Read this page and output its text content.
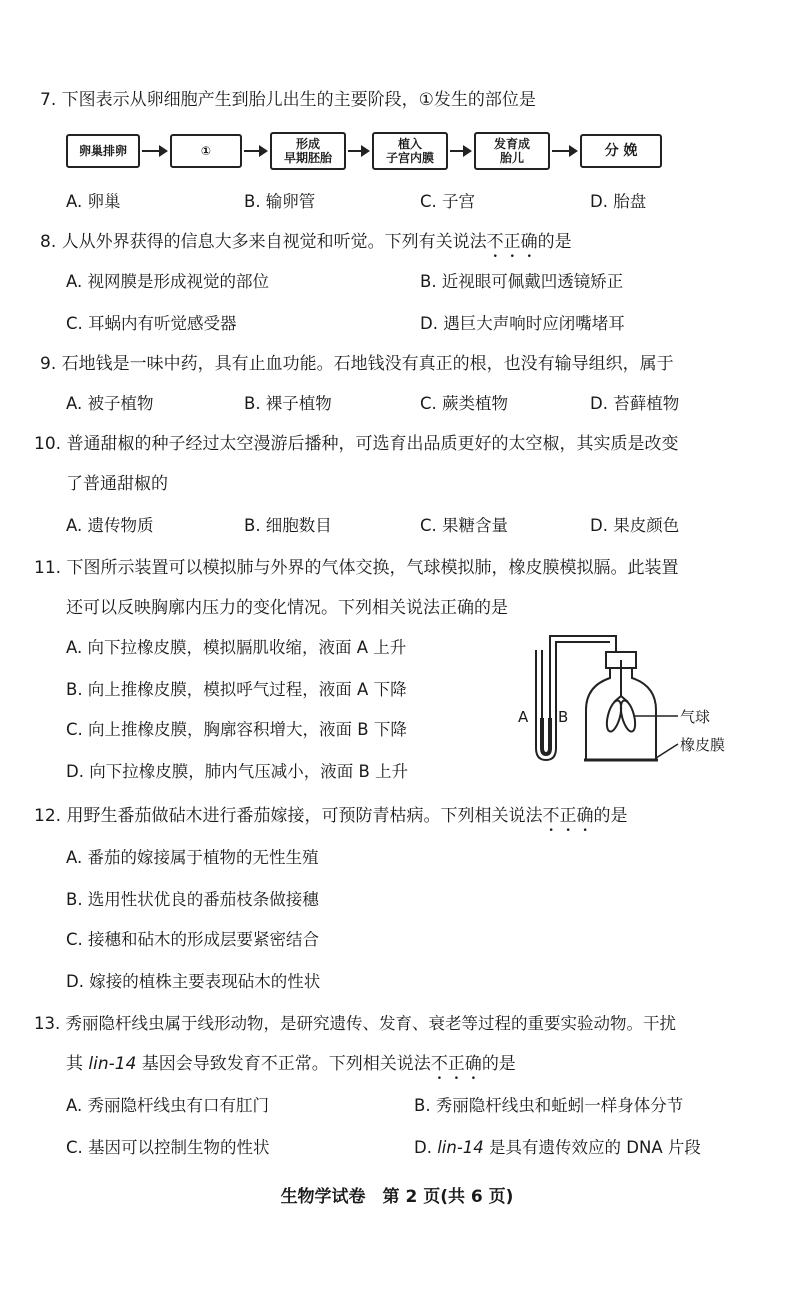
7. 下图表示从卵细胞产生到胎儿出生的主要阶段，①发生的部位是
卵巢排卵	①	形成
早期胚胎
植入
子宫内膜
发育成
胎儿	分 娩
A. 卵巢	B. 输卵管	C. 子宫	D. 胎盘
8. 人从外界获得的信息大多来自视觉和听觉。下列有关说法不正确的是
A. 视网膜是形成视觉的部位	B. 近视眼可佩戴凹透镜矫正
C. 耳蜗内有听觉感受器	D. 遇巨大声响时应闭嘴堵耳
9. 石地钱是一味中药，具有止血功能。石地钱没有真正的根，也没有输导组织，属于
A. 被子植物	B. 裸子植物	C. 蕨类植物	D. 苔藓植物
10. 普通甜椒的种子经过太空漫游后播种，可选育出品质更好的太空椒，其实质是改变
了普通甜椒的
A. 遗传物质	B. 细胞数目	C. 果糖含量	D. 果皮颜色
11. 下图所示装置可以模拟肺与外界的气体交换，气球模拟肺，橡皮膜模拟膈。此装置
还可以反映胸廓内压力的变化情况。下列相关说法正确的是
A. 向下拉橡皮膜，模拟膈肌收缩，液面 A 上升
B. 向上推橡皮膜，模拟呼气过程，液面 A 下降
C. 向上推橡皮膜，胸廓容积增大，液面 B 下降
D. 向下拉橡皮膜，肺内气压减小，液面 B 上升
A B	气球
橡皮膜
12. 用野生番茄做砧木进行番茄嫁接，可预防青枯病。下列相关说法不正确的是
A. 番茄的嫁接属于植物的无性生殖
B. 选用性状优良的番茄枝条做接穗
C. 接穗和砧木的形成层要紧密结合
D. 嫁接的植株主要表现砧木的性状
13. 秀丽隐杆线虫属于线形动物，是研究遗传、发育、衰老等过程的重要实验动物。干扰
其 lin-14 基因会导致发育不正常。下列相关说法不正确的是
A. 秀丽隐杆线虫有口有肛门	B. 秀丽隐杆线虫和蚯蚓一样身体分节
C. 基因可以控制生物的性状	D. lin-14 是具有遗传效应的 DNA 片段
生物学试卷　第 2 页(共 6 页)
